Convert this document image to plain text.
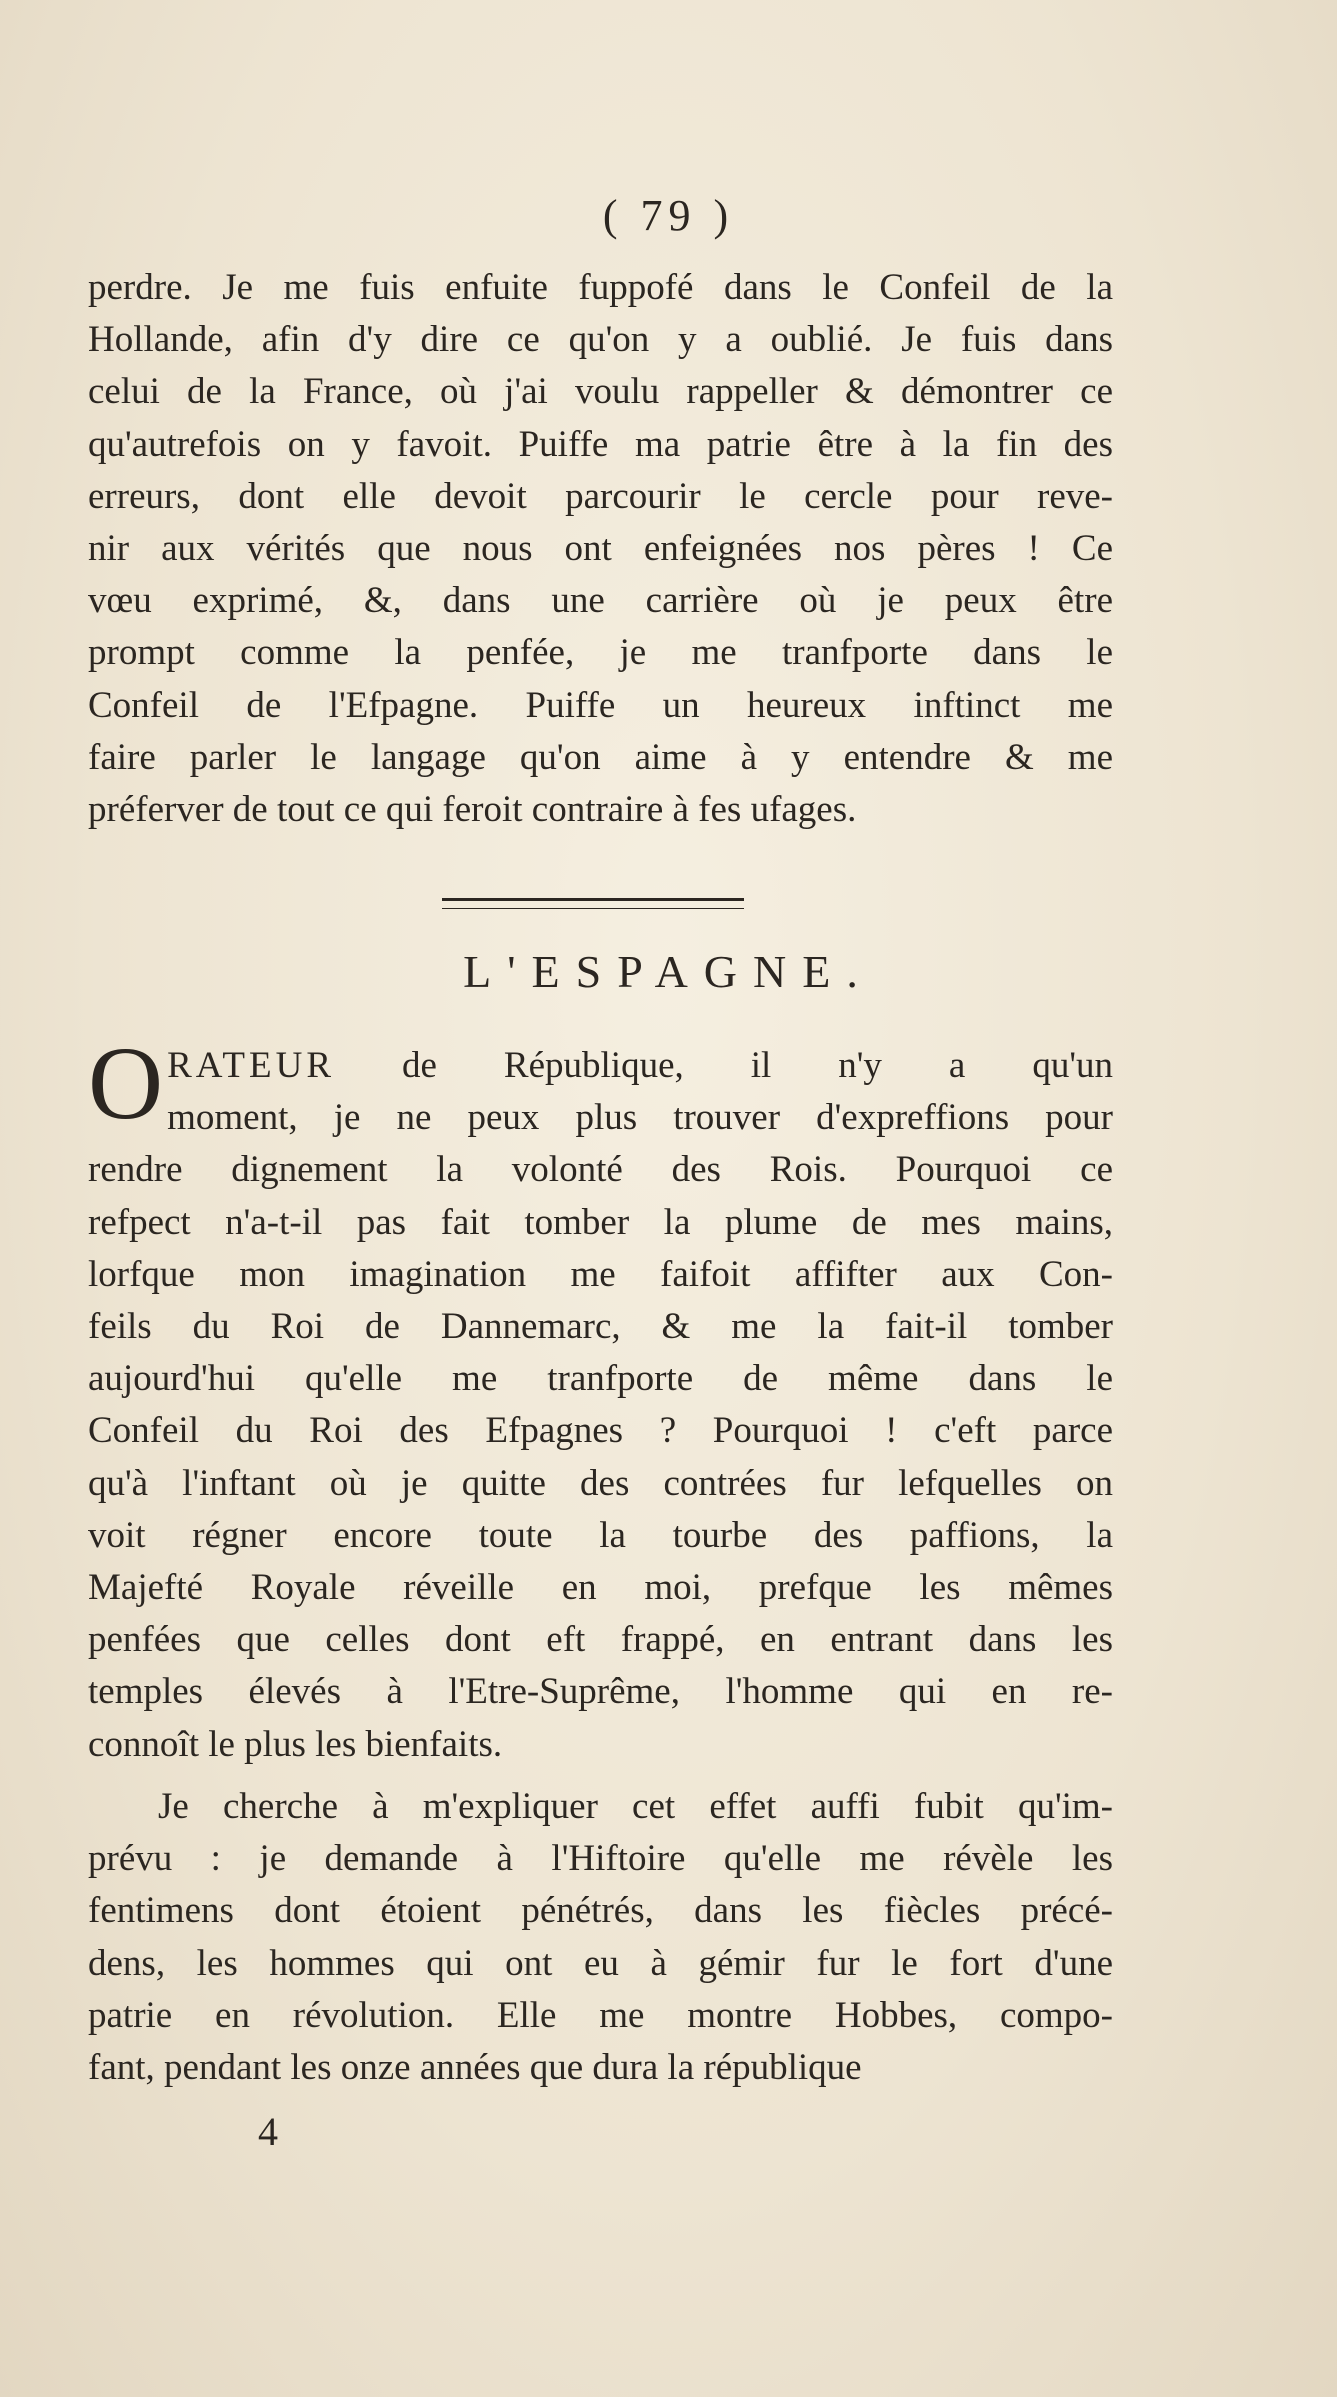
( 79 )
perdre. Je me fuis enfuite fuppofé dans le Confeil de la
Hollande, afin d'y dire ce qu'on y a oublié. Je fuis dans
celui de la France, où j'ai voulu rappeller & démontrer ce
qu'autrefois on y favoit. Puiffe ma patrie être à la fin des
erreurs, dont elle devoit parcourir le cercle pour reve-
nir aux vérités que nous ont enfeignées nos pères ! Ce
vœu exprimé, &, dans une carrière où je peux être
prompt comme la penfée, je me tranfporte dans le
Confeil de l'Efpagne. Puiffe un heureux inftinct me
faire parler le langage qu'on aime à y entendre & me
préferver de tout ce qui feroit contraire à fes ufages.
L'ESPAGNE.
ORATEUR de République, il n'y a qu'un
moment, je ne peux plus trouver d'expreffions pour
rendre dignement la volonté des Rois. Pourquoi ce
refpect n'a-t-il pas fait tomber la plume de mes mains,
lorfque mon imagination me faifoit affifter aux Con-
feils du Roi de Dannemarc, & me la fait-il tomber
aujourd'hui qu'elle me tranfporte de même dans le
Confeil du Roi des Efpagnes ? Pourquoi ! c'eft parce
qu'à l'inftant où je quitte des contrées fur lefquelles on
voit régner encore toute la tourbe des paffions, la
Majefté Royale réveille en moi, prefque les mêmes
penfées que celles dont eft frappé, en entrant dans les
temples élevés à l'Etre-Suprême, l'homme qui en re-
connoît le plus les bienfaits.
Je cherche à m'expliquer cet effet auffi fubit qu'im-
prévu : je demande à l'Hiftoire qu'elle me révèle les
fentimens dont étoient pénétrés, dans les fiècles précé-
dens, les hommes qui ont eu à gémir fur le fort d'une
patrie en révolution. Elle me montre Hobbes, compo-
fant, pendant les onze années que dura la république
4
